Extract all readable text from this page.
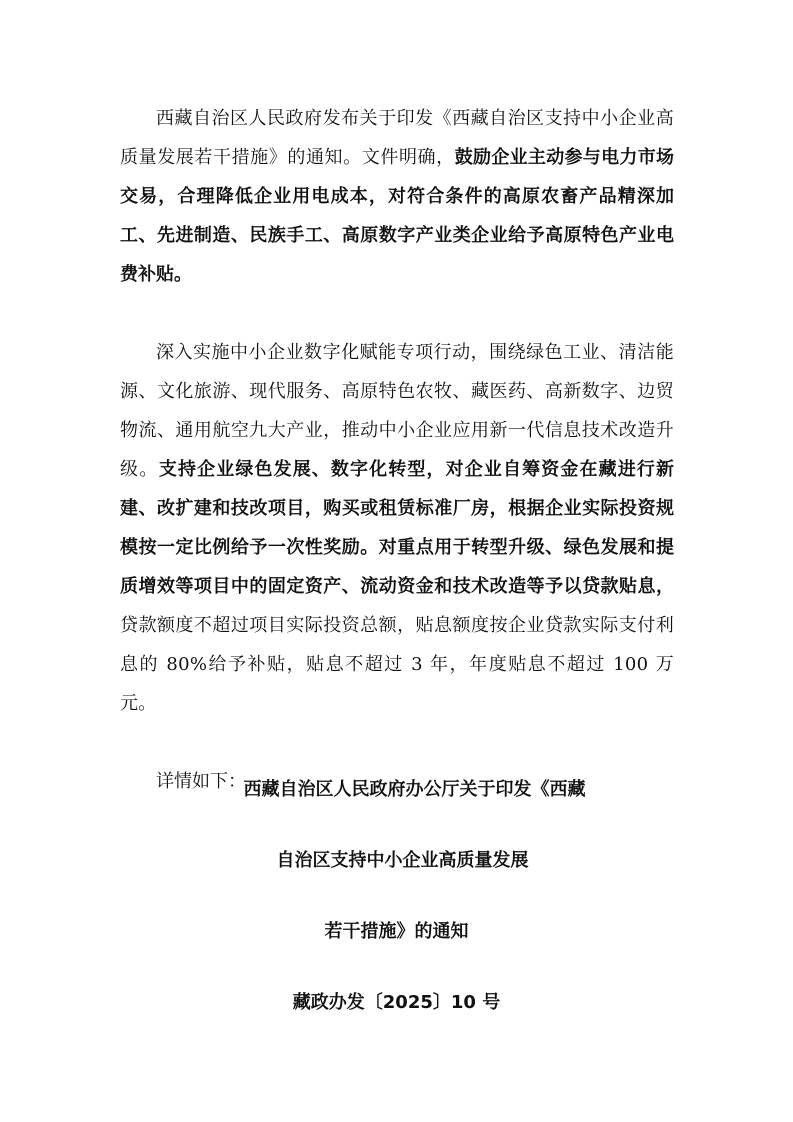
西藏自治区人民政府发布关于印发《西藏自治区支持中小企业高质量发展若干措施》的通知。文件明确，鼓励企业主动参与电力市场交易，合理降低企业用电成本，对符合条件的高原农畜产品精深加工、先进制造、民族手工、高原数字产业类企业给予高原特色产业电费补贴。

深入实施中小企业数字化赋能专项行动，围绕绿色工业、清洁能源、文化旅游、现代服务、高原特色农牧、藏医药、高新数字、边贸物流、通用航空九大产业，推动中小企业应用新一代信息技术改造升级。支持企业绿色发展、数字化转型，对企业自筹资金在藏进行新建、改扩建和技改项目，购买或租赁标准厂房，根据企业实际投资规模按一定比例给予一次性奖励。对重点用于转型升级、绿色发展和提质增效等项目中的固定资产、流动资金和技术改造等予以贷款贴息，贷款额度不超过项目实际投资总额，贴息额度按企业贷款实际支付利息的 80%给予补贴，贴息不超过 3 年，年度贴息不超过 100 万元。

详情如下：

西藏自治区人民政府办公厅关于印发《西藏

自治区支持中小企业高质量发展

若干措施》的通知

藏政办发〔2025〕10 号
